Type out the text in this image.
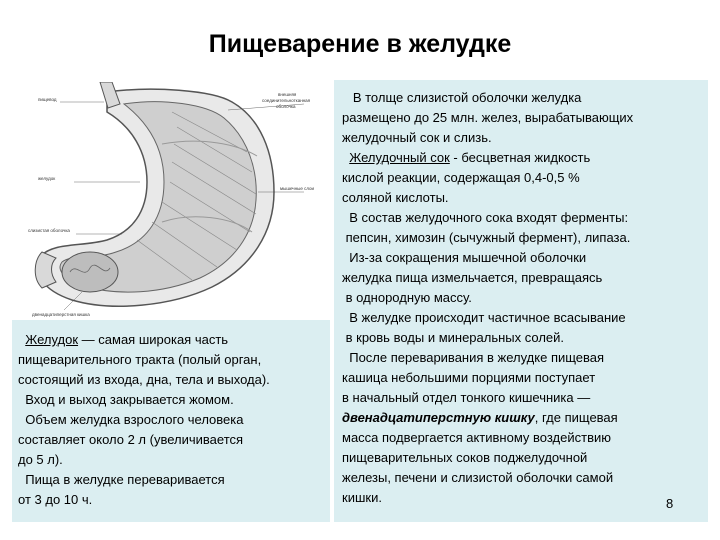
Пищеварение в желудке
пищевод
внешняя
соединительнотканная
оболочка
мышечные слои
желудок
слизистая оболочка
двенадцатиперстная кишка
Желудок — самая широкая часть
пищеварительного тракта (полый орган,
состоящий из входа, дна, тела и выхода).
Вход и выход закрывается жомом.
Объем желудка взрослого человека
составляет около 2 л (увеличивается
до 5 л).
Пища в желудке переваривается
от 3 до 10 ч.
В толще слизистой оболочки желудка
размещено до 25 млн. желез, вырабатывающих
желудочный сок и слизь.
Желудочный сок - бесцветная жидкость
кислой реакции, содержащая 0,4-0,5 %
соляной кислоты.
В состав желудочного сока входят ферменты:
пепсин, химозин (сычужный фермент), липаза.
Из-за сокращения мышечной оболочки
желудка пища измельчается, превращаясь
в однородную массу.
В желудке происходит частичное всасывание
в кровь воды и минеральных солей.
После переваривания в желудке пищевая
кашица небольшими порциями поступает
в начальный отдел тонкого кишечника —
двенадцатиперстную кишку, где пищевая
масса подвергается активному воздействию
пищеварительных соков поджелудочной
железы, печени и слизистой оболочки самой
кишки.	8
